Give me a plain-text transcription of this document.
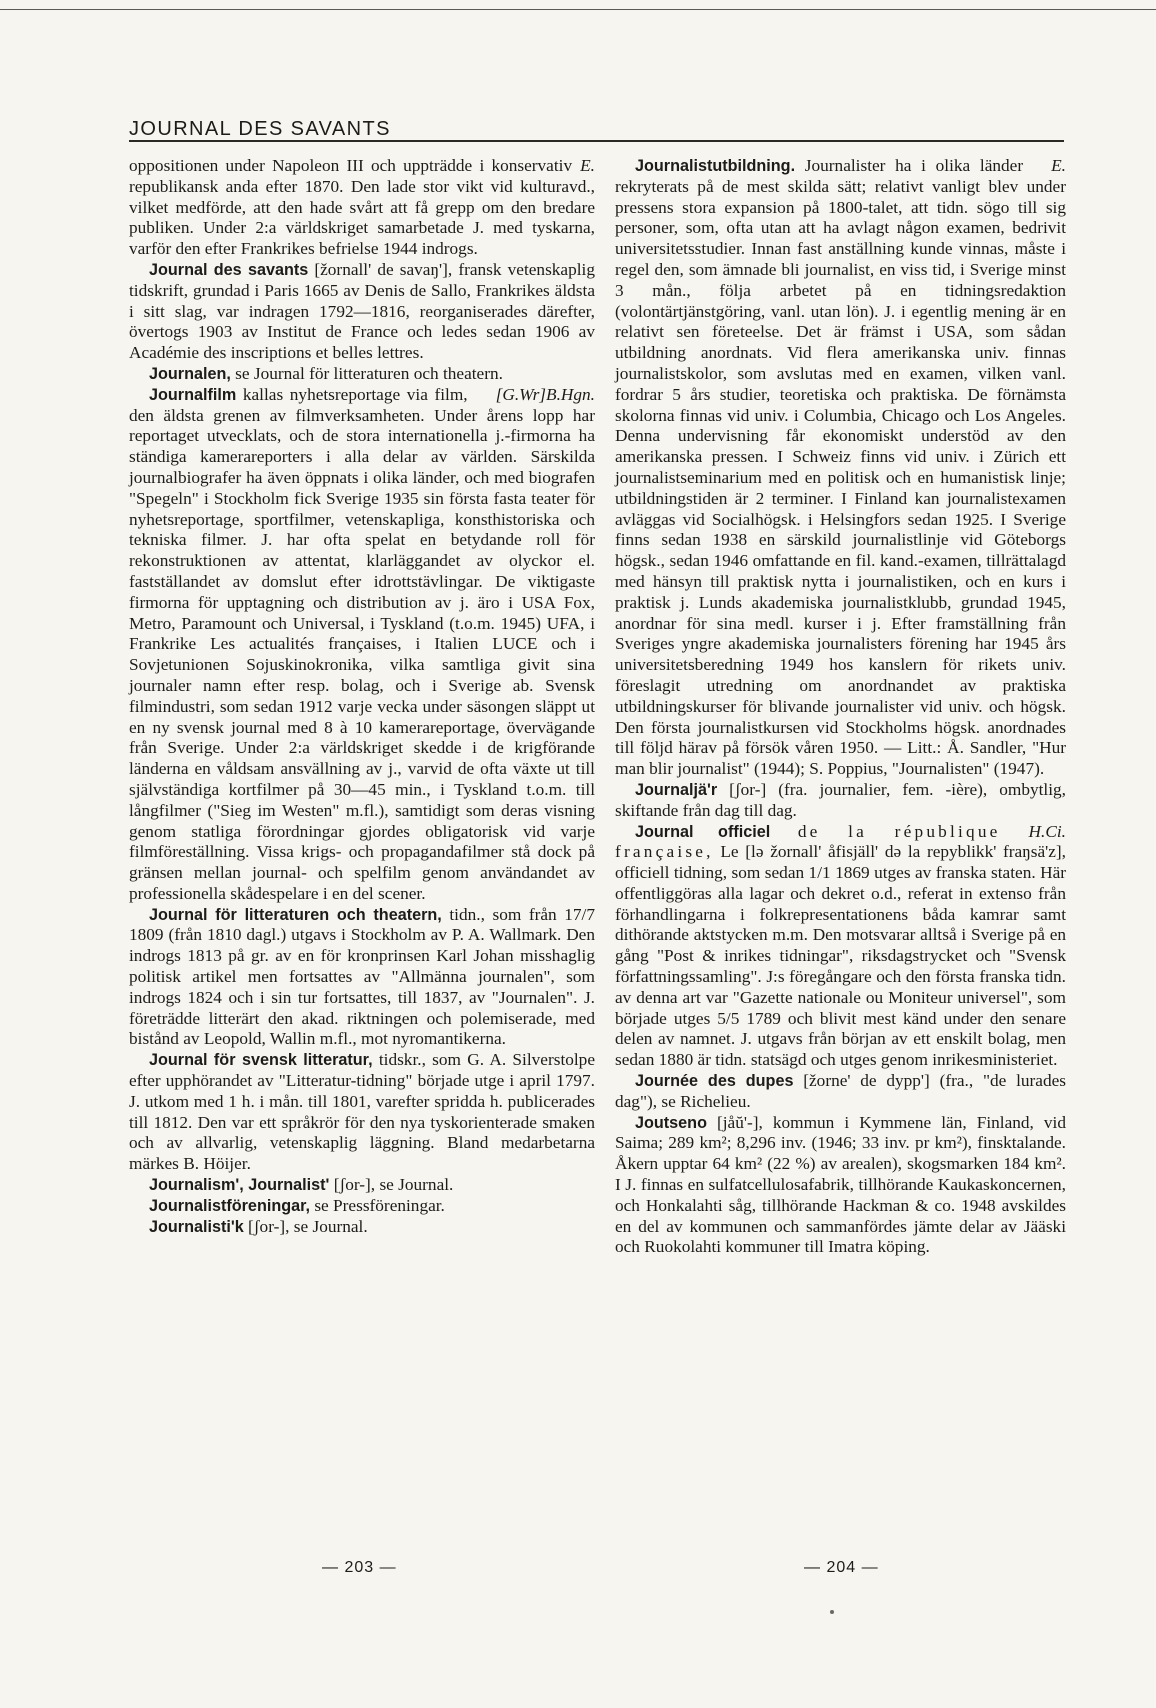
JOURNAL DES SAVANTS

E.
oppositionen under Napoleon III och uppträdde i konservativ republikansk anda efter 1870. Den lade stor vikt vid kulturavd., vilket medförde, att den hade svårt att få grepp om den bredare publiken. Under 2:a världskriget samarbetade J. med tyskarna, varför den efter Frankrikes befrielse 1944 indrogs.

Journal des savants [žornall' de savaŋ'], fransk vetenskaplig tidskrift, grundad i Paris 1665 av Denis de Sallo, Frankrikes äldsta i sitt slag, var indragen 1792—1816, reorganiserades därefter, övertogs 1903 av Institut de France och ledes sedan 1906 av Académie des inscriptions et belles lettres.

Journalen, se Journal för litteraturen och theatern.

[G.Wr]B.Hgn.
Journalfilm kallas nyhetsreportage via film, den äldsta grenen av filmverksamheten. Under årens lopp har reportaget utvecklats, och de stora internationella j.-firmorna ha ständiga kamerareporters i alla delar av världen. Särskilda journalbiografer ha även öppnats i olika länder, och med biografen "Spegeln" i Stockholm fick Sverige 1935 sin första fasta teater för nyhetsreportage, sportfilmer, vetenskapliga, konsthistoriska och tekniska filmer. J. har ofta spelat en betydande roll för rekonstruktionen av attentat, klarläggandet av olyckor el. fastställandet av domslut efter idrottstävlingar. De viktigaste firmorna för upptagning och distribution av j. äro i USA Fox, Metro, Paramount och Universal, i Tyskland (t.o.m. 1945) UFA, i Frankrike Les actualités françaises, i Italien LUCE och i Sovjetunionen Sojuskinokronika, vilka samtliga givit sina journaler namn efter resp. bolag, och i Sverige ab. Svensk filmindustri, som sedan 1912 varje vecka under säsongen släppt ut en ny svensk journal med 8 à 10 kamerareportage, övervägande från Sverige. Under 2:a världskriget skedde i de krigförande länderna en våldsam ansvällning av j., varvid de ofta växte ut till självständiga kortfilmer på 30—45 min., i Tyskland t.o.m. till långfilmer ("Sieg im Westen" m.fl.), samtidigt som deras visning genom statliga förordningar gjordes obligatorisk vid varje filmföreställning. Vissa krigs- och propagandafilmer stå dock på gränsen mellan journal- och spelfilm genom användandet av professionella skådespelare i en del scener.

Journal för litteraturen och theatern, tidn., som från 17/7 1809 (från 1810 dagl.) utgavs i Stockholm av P. A. Wallmark. Den indrogs 1813 på gr. av en för kronprinsen Karl Johan misshaglig politisk artikel men fortsattes av "Allmänna journalen", som indrogs 1824 och i sin tur fortsattes, till 1837, av "Journalen". J. företrädde litterärt den akad. riktningen och polemiserade, med bistånd av Leopold, Wallin m.fl., mot nyromantikerna.

Journal för svensk litteratur, tidskr., som G. A. Silverstolpe efter upphörandet av "Litteratur-tidning" började utge i april 1797. J. utkom med 1 h. i mån. till 1801, varefter spridda h. publicerades till 1812. Den var ett språkrör för den nya tyskorienterade smaken och av allvarlig, vetenskaplig läggning. Bland medarbetarna märkes B. Höijer.

Journalism', Journalist' [ʃor-], se Journal.

Journalistföreningar, se Pressföreningar.

Journalisti'k [ʃor-], se Journal.

E.
Journalistutbildning. Journalister ha i olika länder rekryterats på de mest skilda sätt; relativt vanligt blev under pressens stora expansion på 1800-talet, att tidn. sögo till sig personer, som, ofta utan att ha avlagt någon examen, bedrivit universitetsstudier. Innan fast anställning kunde vinnas, måste i regel den, som ämnade bli journalist, en viss tid, i Sverige minst 3 mån., följa arbetet på en tidningsredaktion (volontärtjänstgöring, vanl. utan lön). J. i egentlig mening är en relativt sen företeelse. Det är främst i USA, som sådan utbildning anordnats. Vid flera amerikanska univ. finnas journalistskolor, som avslutas med en examen, vilken vanl. fordrar 5 års studier, teoretiska och praktiska. De förnämsta skolorna finnas vid univ. i Columbia, Chicago och Los Angeles. Denna undervisning får ekonomiskt understöd av den amerikanska pressen. I Schweiz finns vid univ. i Zürich ett journalistseminarium med en politisk och en humanistisk linje; utbildningstiden är 2 terminer. I Finland kan journalistexamen avläggas vid Socialhögsk. i Helsingfors sedan 1925. I Sverige finns sedan 1938 en särskild journalistlinje vid Göteborgs högsk., sedan 1946 omfattande en fil. kand.-examen, tillrättalagd med hänsyn till praktisk nytta i journalistiken, och en kurs i praktisk j. Lunds akademiska journalistklubb, grundad 1945, anordnar för sina medl. kurser i j. Efter framställning från Sveriges yngre akademiska journalisters förening har 1945 års universitetsberedning 1949 hos kanslern för rikets univ. föreslagit utredning om anordnandet av praktiska utbildningskurser för blivande journalister vid univ. och högsk. Den första journalistkursen vid Stockholms högsk. anordnades till följd härav på försök våren 1950. — Litt.: Å. Sandler, "Hur man blir journalist" (1944); S. Poppius, "Journalisten" (1947).

Journaljä'r [ʃor-] (fra. journalier, fem. -ière), ombytlig, skiftande från dag till dag.

H.Ci.
Journal officiel de la république française, Le [lə žornall' åfisjäll' də la repyblikk' frаŋsä'z], officiell tidning, som sedan 1/1 1869 utges av franska staten. Här offentliggöras alla lagar och dekret o.d., referat in extenso från förhandlingarna i folkrepresentationens båda kamrar samt dithörande aktstycken m.m. Den motsvarar alltså i Sverige på en gång "Post & inrikes tidningar", riksdagstrycket och "Svensk författningssamling". J:s föregångare och den första franska tidn. av denna art var "Gazette nationale ou Moniteur universel", som började utges 5/5 1789 och blivit mest känd under den senare delen av namnet. J. utgavs från början av ett enskilt bolag, men sedan 1880 är tidn. statsägd och utges genom inrikesministeriet.

Journée des dupes [žorne' de dypp'] (fra., "de lurades dag"), se Richelieu.

Joutseno [jåŭ'-], kommun i Kymmene län, Finland, vid Saima; 289 km²; 8,296 inv. (1946; 33 inv. pr km²), finsktalande. Åkern upptar 64 km² (22 %) av arealen), skogsmarken 184 km². I J. finnas en sulfatcellulosafabrik, tillhörande Kaukaskoncernen, och Honkalahti såg, tillhörande Hackman & co. 1948 avskildes en del av kommunen och sammanfördes jämte delar av Jääski och Ruokolahti kommuner till Imatra köping.

— 203 —	— 204 —
